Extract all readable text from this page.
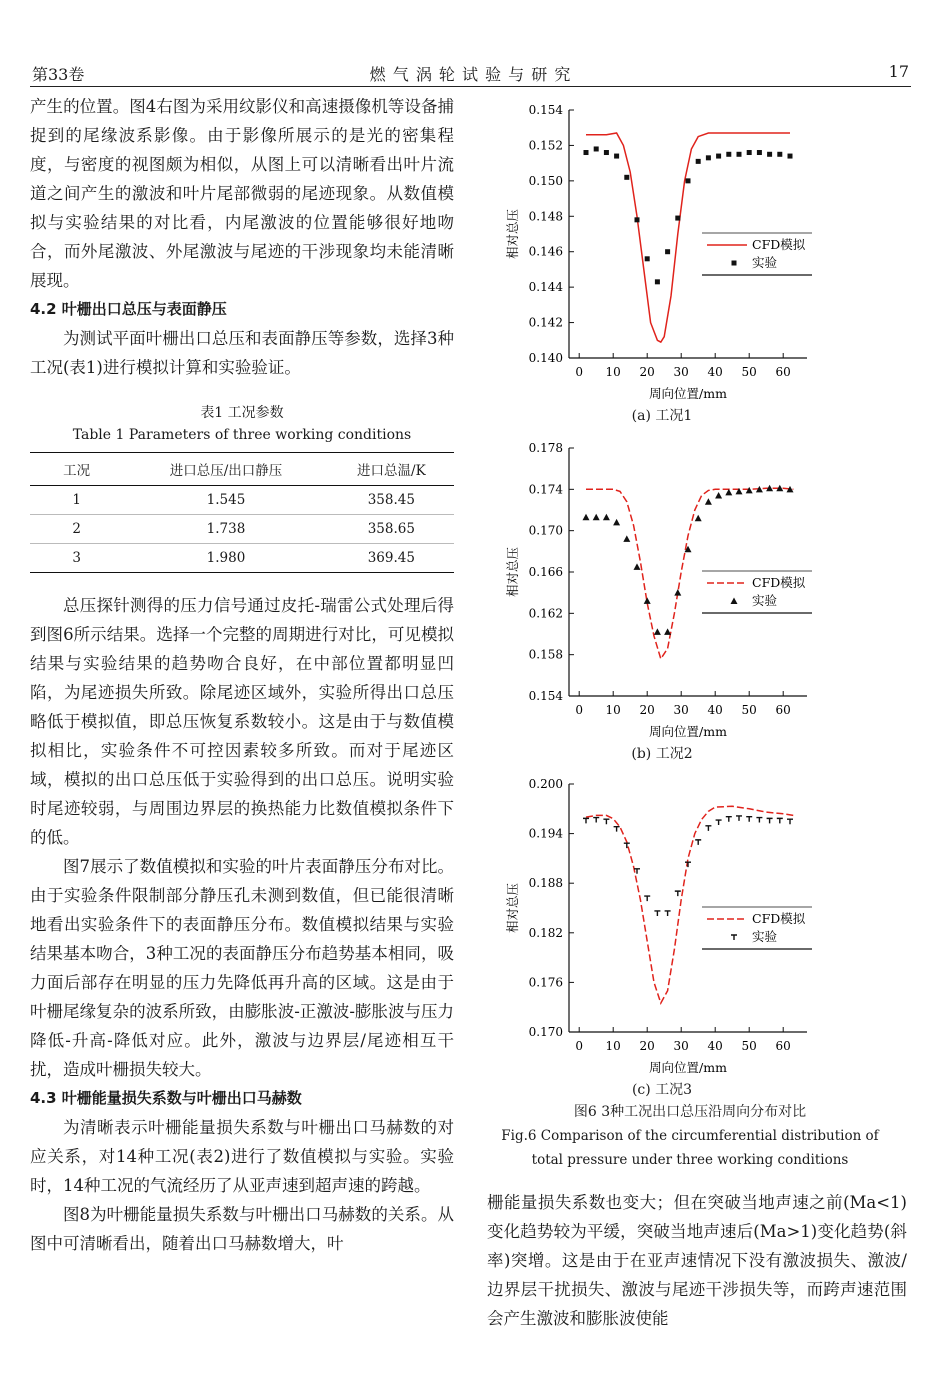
第33卷	燃 气 涡 轮 试 验 与 研 究	17

产生的位置。图4右图为采用纹影仪和高速摄像机等设备捕捉到的尾缘波系影像。由于影像所展示的是光的密集程度，与密度的视图颇为相似，从图上可以清晰看出叶片流道之间产生的激波和叶片尾部微弱的尾迹现象。从数值模拟与实验结果的对比看，内尾激波的位置能够很好地吻合，而外尾激波、外尾激波与尾迹的干涉现象均未能清晰展现。

4.2 叶栅出口总压与表面静压

为测试平面叶栅出口总压和表面静压等参数，选择3种工况(表1)进行模拟计算和实验验证。

表1 工况参数

Table 1 Parameters of three working conditions

工况	进口总压/出口静压	进口总温/K
1	1.545	358.45
2	1.738	358.65
3	1.980	369.45

总压探针测得的压力信号通过皮托-瑞雷公式处理后得到图6所示结果。选择一个完整的周期进行对比，可见模拟结果与实验结果的趋势吻合良好，在中部位置都明显凹陷，为尾迹损失所致。除尾迹区域外，实验所得出口总压略低于模拟值，即总压恢复系数较小。这是由于与数值模拟相比，实验条件不可控因素较多所致。而对于尾迹区域，模拟的出口总压低于实验得到的出口总压。说明实验时尾迹较弱，与周围边界层的换热能力比数值模拟条件下的低。

图7展示了数值模拟和实验的叶片表面静压分布对比。由于实验条件限制部分静压孔未测到数值，但已能很清晰地看出实验条件下的表面静压分布。数值模拟结果与实验结果基本吻合，3种工况的表面静压分布趋势基本相同，吸力面后部存在明显的压力先降低再升高的区域。这是由于叶栅尾缘复杂的波系所致，由膨胀波-正激波-膨胀波与压力降低-升高-降低对应。此外，激波与边界层/尾迹相互干扰，造成叶栅损失较大。

4.3 叶栅能量损失系数与叶栅出口马赫数

为清晰表示叶栅能量损失系数与叶栅出口马赫数的对应关系，对14种工况(表2)进行了数值模拟与实验。实验时，14种工况的气流经历了从亚声速到超声速的跨越。

图8为叶栅能量损失系数与叶栅出口马赫数的关系。从图中可清晰看出，随着出口马赫数增大，叶

0.140
0.142
0.144
0.146
0.148
0.150
0.152
0.154
0 10 20 30 40 50 60
周向位置/mm
相对总压	CFD模拟
实验

(a) 工况1

0.154
0.158
0.162
0.166
0.170
0.174
0.178
0 10 20 30 40 50 60
周向位置/mm
相对总压	CFD模拟
实验

(b) 工况2

0.170
0.176
0.182
0.188
0.194
0.200
0 10 20 30 40 50 60
周向位置/mm
相对总压	CFD模拟
实验

(c) 工况3

图6 3种工况出口总压沿周向分布对比

Fig.6 Comparison of the circumferential distribution of total pressure under three working conditions

栅能量损失系数也变大；但在突破当地声速之前(Ma<1)变化趋势较为平缓，突破当地声速后(Ma>1)变化趋势(斜率)突增。这是由于在亚声速情况下没有激波损失、激波/边界层干扰损失、激波与尾迹干涉损失等，而跨声速范围会产生激波和膨胀波使能
